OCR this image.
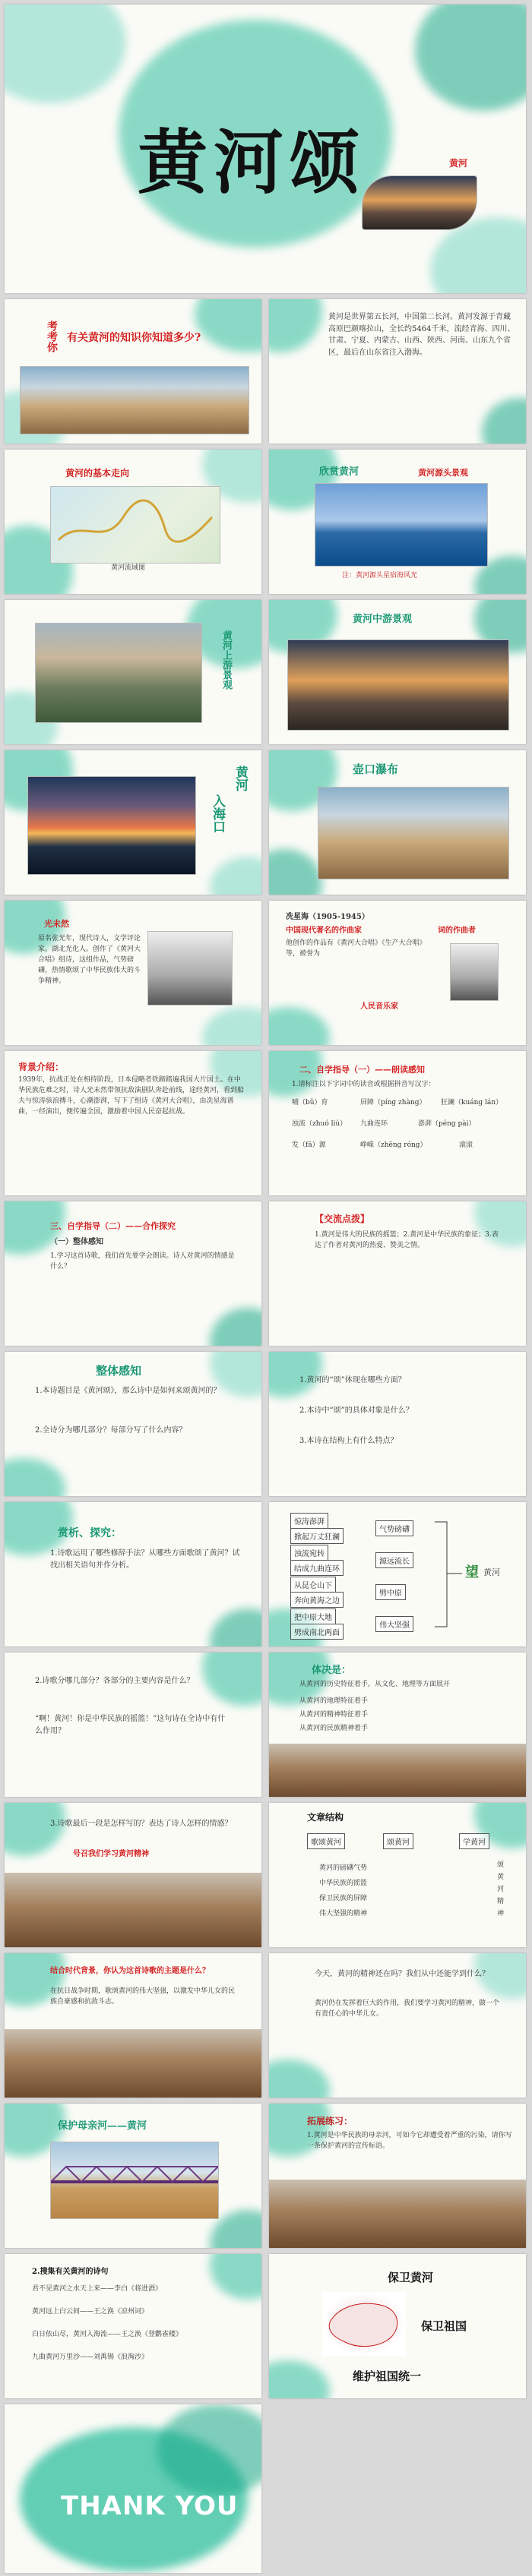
黄河颂	黄河
考考你 有关黄河的知识你知道多少?
黄河是世界第五长河，中国第二长河。黄河发源于青藏高原巴颜喀拉山，全长约5464千米，流经青海、四川、甘肃、宁夏、内蒙古、山西、陕西、河南、山东九个省区，最后在山东省注入渤海。
黄河的基本走向
黄河流域图
欣赏黄河	黄河源头景观
注：黄河源头星宿海风光
黄河上游景观
黄河中游景观
黄河
入海口
壶口瀑布
光未然
原名张光年，现代诗人，文学评论家。湖北光化人。创作了《黄河大合唱》组诗，这组作品，气势磅礴，热情歌颂了中华民族伟大的斗争精神。
冼星海（1905-1945）
中国现代著名的作曲家	词的作曲者
他创作的作品有《黄河大合唱》《生产大合唱》等，被誉为
人民音乐家
背景介绍：
1939年，抗战正处在相持阶段，日本侵略者铁蹄踏遍我国大片国土。在中华民族危难之时，诗人光未然带领抗敌演剧队奔赴前线，途经黄河，看到船夫与惊涛骇浪搏斗，心潮澎湃，写下了组诗《黄河大合唱》，由冼星海谱曲，一经演出，便传遍全国，激励着中国人民奋起抗战。
二、自学指导（一）——朗读感知
1.请标注以下字词中的读音或根据拼音写汉字：
哺（bǔ）育	屏障（píng zhàng） 狂澜（kuáng lán）
浊流（zhuó liú） 九曲连环	澎湃（péng pài）
发（fā）源	峥嵘（zhēng róng）	滚滚
三、自学指导（二）——合作探究
（一）整体感知
1.学习这首诗歌，我们首先要学会朗读。诗人对黄河的情感是什么？
【交流点拨】
1.黄河是伟大的民族的摇篮；2.黄河是中华民族的象征；3.表达了作者对黄河的热爱、赞美之情。
整体感知
1.本诗题目是《黄河颂》，那么诗中是如何来颂黄河的？
2.全诗分为哪几部分？每部分写了什么内容？
1.黄河的“颂”体现在哪些方面？
2.本诗中“颂”的具体对象是什么？
3.本诗在结构上有什么特点？
赏析、探究：
1.诗歌运用了哪些修辞手法？从哪些方面歌颂了黄河？试找出相关语句并作分析。
惊涛澎湃
掀起万丈狂澜
浊流宛转
结成九曲连环
从昆仑山下
奔向黄海之边
把中原大地
劈成南北两面
气势磅礴
源远流长
劈中原
伟大坚强
望 黄河
2.诗歌分哪几部分？各部分的主要内容是什么？
“啊！黄河！你是中华民族的摇篮！”这句诗在全诗中有什么作用？
体决是：
从黄河的历史特征着手，从文化、地理等方面展开
从黄河的地理特征着手
从黄河的精神特征着手
从黄河的民族精神着手
3.诗歌最后一段是怎样写的？表达了诗人怎样的情感？
号召我们学习黄河精神
文章结构
歌颂黄河	颂黄河	学黄河
黄河的磅礴气势
中华民族的摇篮
保卫民族的屏障
伟大坚强的精神
颂
黄
河
精
神
结合时代背景，你认为这首诗歌的主题是什么？
在抗日战争时期，歌颂黄河的伟大坚强，以激发中华儿女的民族自豪感和抗敌斗志。
今天，黄河的精神还在吗？我们从中还能学到什么？
黄河仍在发挥着巨大的作用，我们要学习黄河的精神，做一个有责任心的中华儿女。
保护母亲河——黄河	拓展练习：
1.黄河是中华民族的母亲河，可如今它却遭受着严重的污染，请你写一条保护黄河的宣传标语。
2.搜集有关黄河的诗句
君不见黄河之水天上来——李白《将进酒》
黄河远上白云间——王之涣《凉州词》
白日依山尽，黄河入海流——王之涣《登鹳雀楼》
九曲黄河万里沙——刘禹锡《浪淘沙》
保卫黄河
保卫祖国
维护祖国统一
THANK YOU
